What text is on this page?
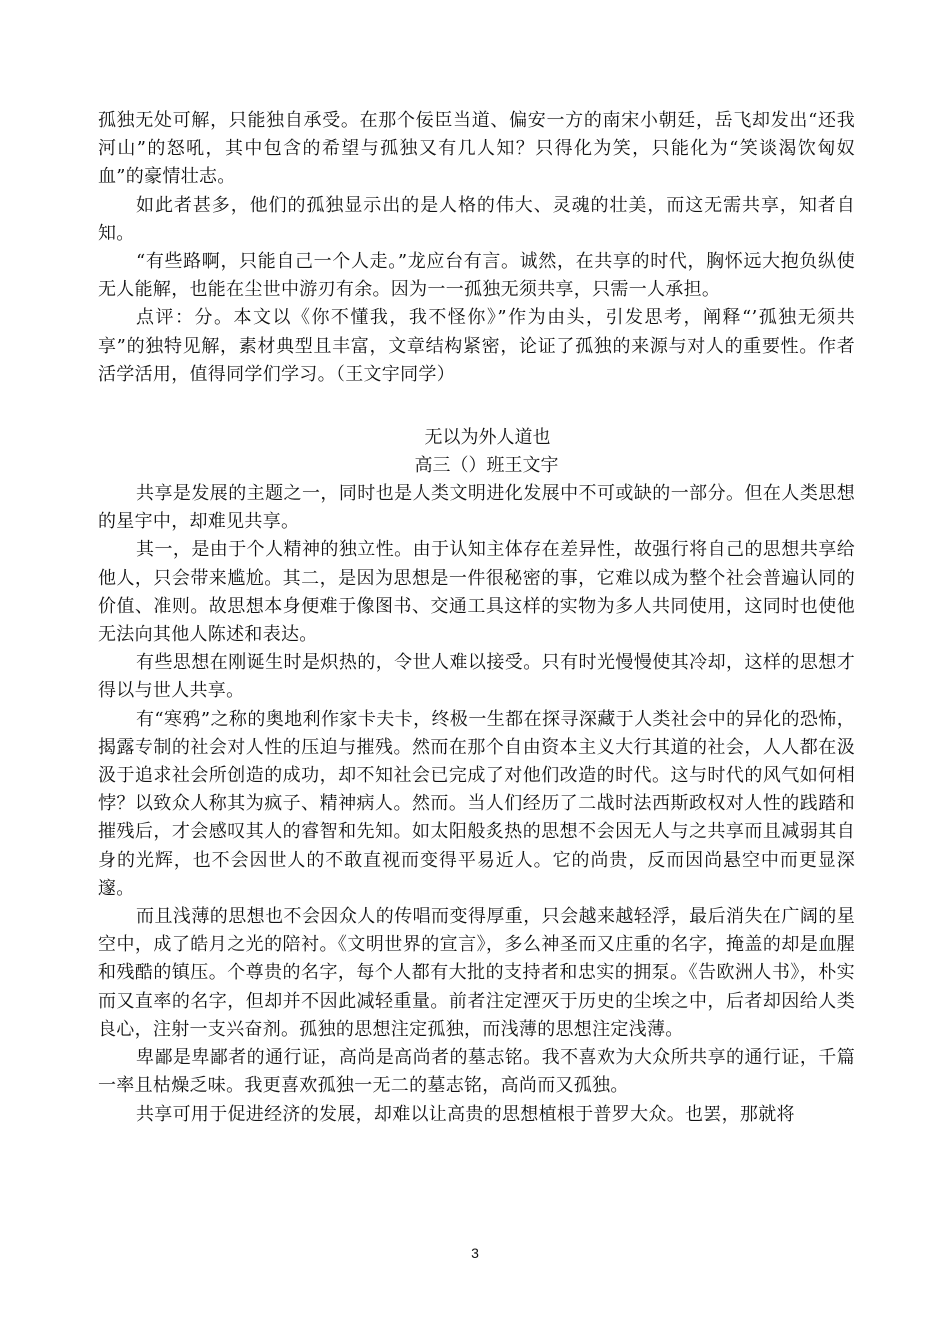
孤独无处可解，只能独自承受。在那个佞臣当道、偏安一方的南宋小朝廷，岳飞却发出“还我河山”的怒吼，其中包含的希望与孤独又有几人知？只得化为笑，只能化为“笑谈渴饮匈奴血”的豪情壮志。

如此者甚多，他们的孤独显示出的是人格的伟大、灵魂的壮美，而这无需共享，知者自知。

“有些路啊，只能自己一个人走。”龙应台有言。诚然，在共享的时代，胸怀远大抱负纵使无人能解，也能在尘世中游刃有余。因为一一孤独无须共享，只需一人承担。

点评：分。本文以《你不懂我，我不怪你》”作为由头，引发思考，阐释“’孤独无须共享”的独特见解，素材典型且丰富，文章结构紧密，论证了孤独的来源与对人的重要性。作者活学活用，值得同学们学习。（王文宇同学）

无以为外人道也

高三（）班王文宇

共享是发展的主题之一，同时也是人类文明进化发展中不可或缺的一部分。但在人类思想的星宇中，却难见共享。

其一，是由于个人精神的独立性。由于认知主体存在差异性，故强行将自己的思想共享给他人，只会带来尴尬。其二，是因为思想是一件很秘密的事，它难以成为整个社会普遍认同的价值、准则。故思想本身便难于像图书、交通工具这样的实物为多人共同使用，这同时也使他无法向其他人陈述和表达。

有些思想在刚诞生时是炽热的，令世人难以接受。只有时光慢慢使其冷却，这样的思想才得以与世人共享。

有“寒鸦”之称的奥地利作家卡夫卡，终极一生都在探寻深藏于人类社会中的异化的恐怖，揭露专制的社会对人性的压迫与摧残。然而在那个自由资本主义大行其道的社会，人人都在汲汲于追求社会所创造的成功，却不知社会已完成了对他们改造的时代。这与时代的风气如何相悖？以致众人称其为疯子、精神病人。然而。当人们经历了二战时法西斯政权对人性的践踏和摧残后，才会感叹其人的睿智和先知。如太阳般炙热的思想不会因无人与之共享而且减弱其自身的光辉，也不会因世人的不敢直视而变得平易近人。它的尚贵，反而因尚悬空中而更显深邃。

而且浅薄的思想也不会因众人的传唱而变得厚重，只会越来越轻浮，最后消失在广阔的星空中，成了皓月之光的陪衬。《文明世界的宣言》，多么神圣而又庄重的名字，掩盖的却是血腥和残酷的镇压。个尊贵的名字，每个人都有大批的支持者和忠实的拥泵。《告欧洲人书》，朴实而又直率的名字，但却并不因此减轻重量。前者注定湮灭于历史的尘埃之中，后者却因给人类良心，注射一支兴奋剂。孤独的思想注定孤独，而浅薄的思想注定浅薄。

卑鄙是卑鄙者的通行证，高尚是高尚者的墓志铭。我不喜欢为大众所共享的通行证，千篇一率且枯燥乏味。我更喜欢孤独一无二的墓志铭，高尚而又孤独。

共享可用于促进经济的发展，却难以让高贵的思想植根于普罗大众。也罢，那就将

3
